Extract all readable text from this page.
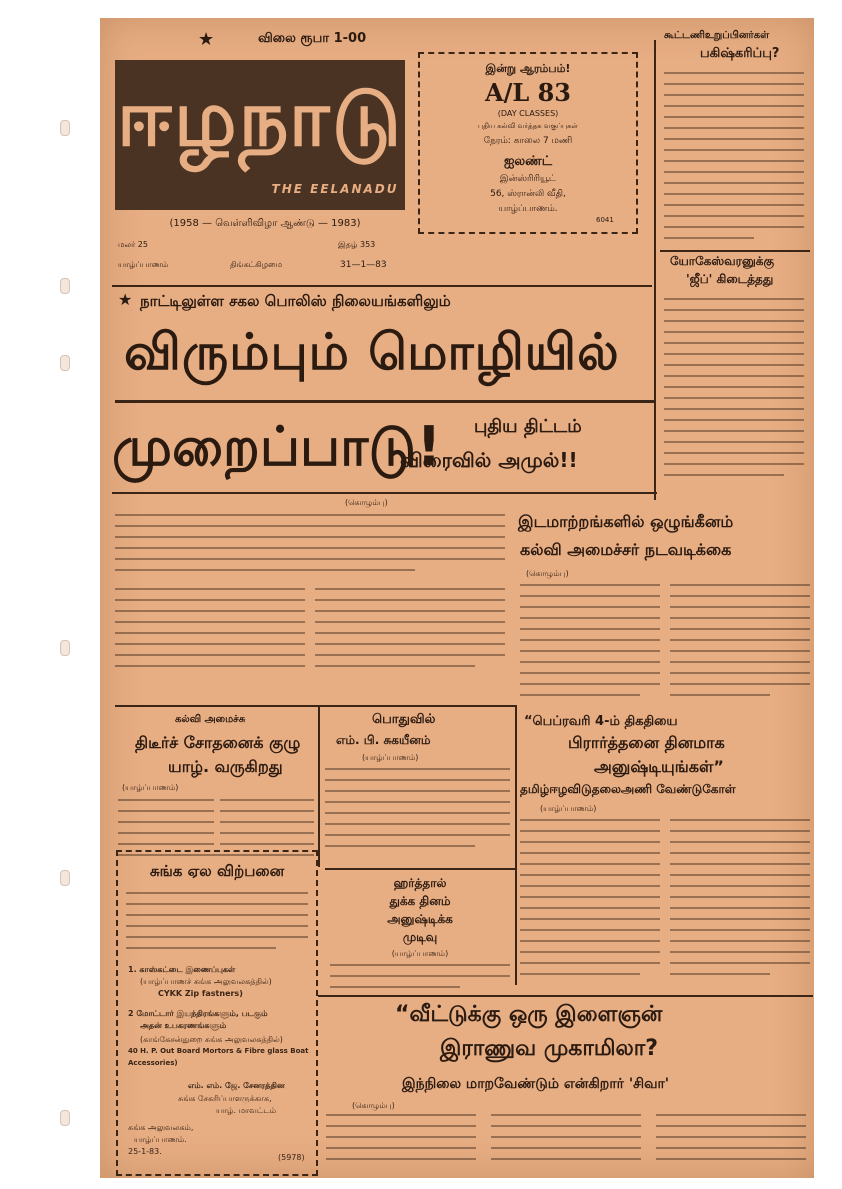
★	விலை ரூபா 1-00
ஈழநாடு
THE EELANADU
(1958 — வெள்ளிவிழா ஆண்டு — 1983)
மலர் 25	இதழ் 353
யாழ்ப்பாணம்	திங்கட்கிழமை	31—1—83
இன்று ஆரம்பம்!
A/L 83
(DAY CLASSES)
புதிய கல்வி வர்த்தக வகுப்புகள்
நேரம்: காலை 7 மணி
ஐலண்ட்
இன்ஸ்ரிரியூட்
56, ஸ்ரான்லி வீதி,
யாழ்ப்பாணம்.
6041
கூட்டணிஉறுப்பினர்கள்
பகிஷ்கரிப்பு?
யோகேஸ்வரனுக்கு
'ஜீப்' கிடைத்தது
★ நாட்டிலுள்ள சகல பொலிஸ் நிலையங்களிலும்
விரும்பும் மொழியில்
முறைப்பாடு! புதிய திட்டம்
விரைவில் அமுல்!!
(கொழும்பு)
இடமாற்றங்களில் ஒழுங்கீனம்
கல்வி அமைச்சர் நடவடிக்கை
(கொழும்பு)
கல்வி அமைச்சு
திடீர்ச் சோதனைக் குழு
யாழ். வருகிறது
(யாழ்ப்பாணம்)
பொதுவில்
எம். பி. சுகயீனம்
(யாழ்ப்பாணம்)
“பெப்ரவரி 4-ம் திகதியை
பிரார்த்தனை தினமாக
அனுஷ்டியுங்கள்”
தமிழ்ஈழவிடுதலைஅணி வேண்டுகோள்
(யாழ்ப்பாணம்)
ஹர்த்தால்
துக்க தினம்
அனுஷ்டிக்க
முடிவு
(யாழ்ப்பாணம்)
சுங்க ஏல விற்பனை
1. காஸ்கட்டை இணைப்புகள்
(யாழ்ப்பாணச் சுங்க அலுவலகத்தில்)
CYKK Zip fastners)
2 மோட்டார் இயந்திரங்களும், படகும்
அதன் உபகரணங்களும்
(காங்கேசன்துறை சுங்க அலுவலகத்தில்)
40 H. P. Out Board Mortors & Fibre glass Boat
Accessories)
எம். எம். ஜே. சேனரத்தின
சுங்க சேகரிப்பாளருக்காக,
யாழ். மாவட்டம்
சுங்க அலுவலகம்,
யாழ்ப்பாணம்.
25-1-83.
(5978)
“வீட்டுக்கு ஒரு இளைஞன்
இராணுவ முகாமிலா?
இந்நிலை மாறவேண்டும் என்கிறார் 'சிவா'
(கொழும்பு)
